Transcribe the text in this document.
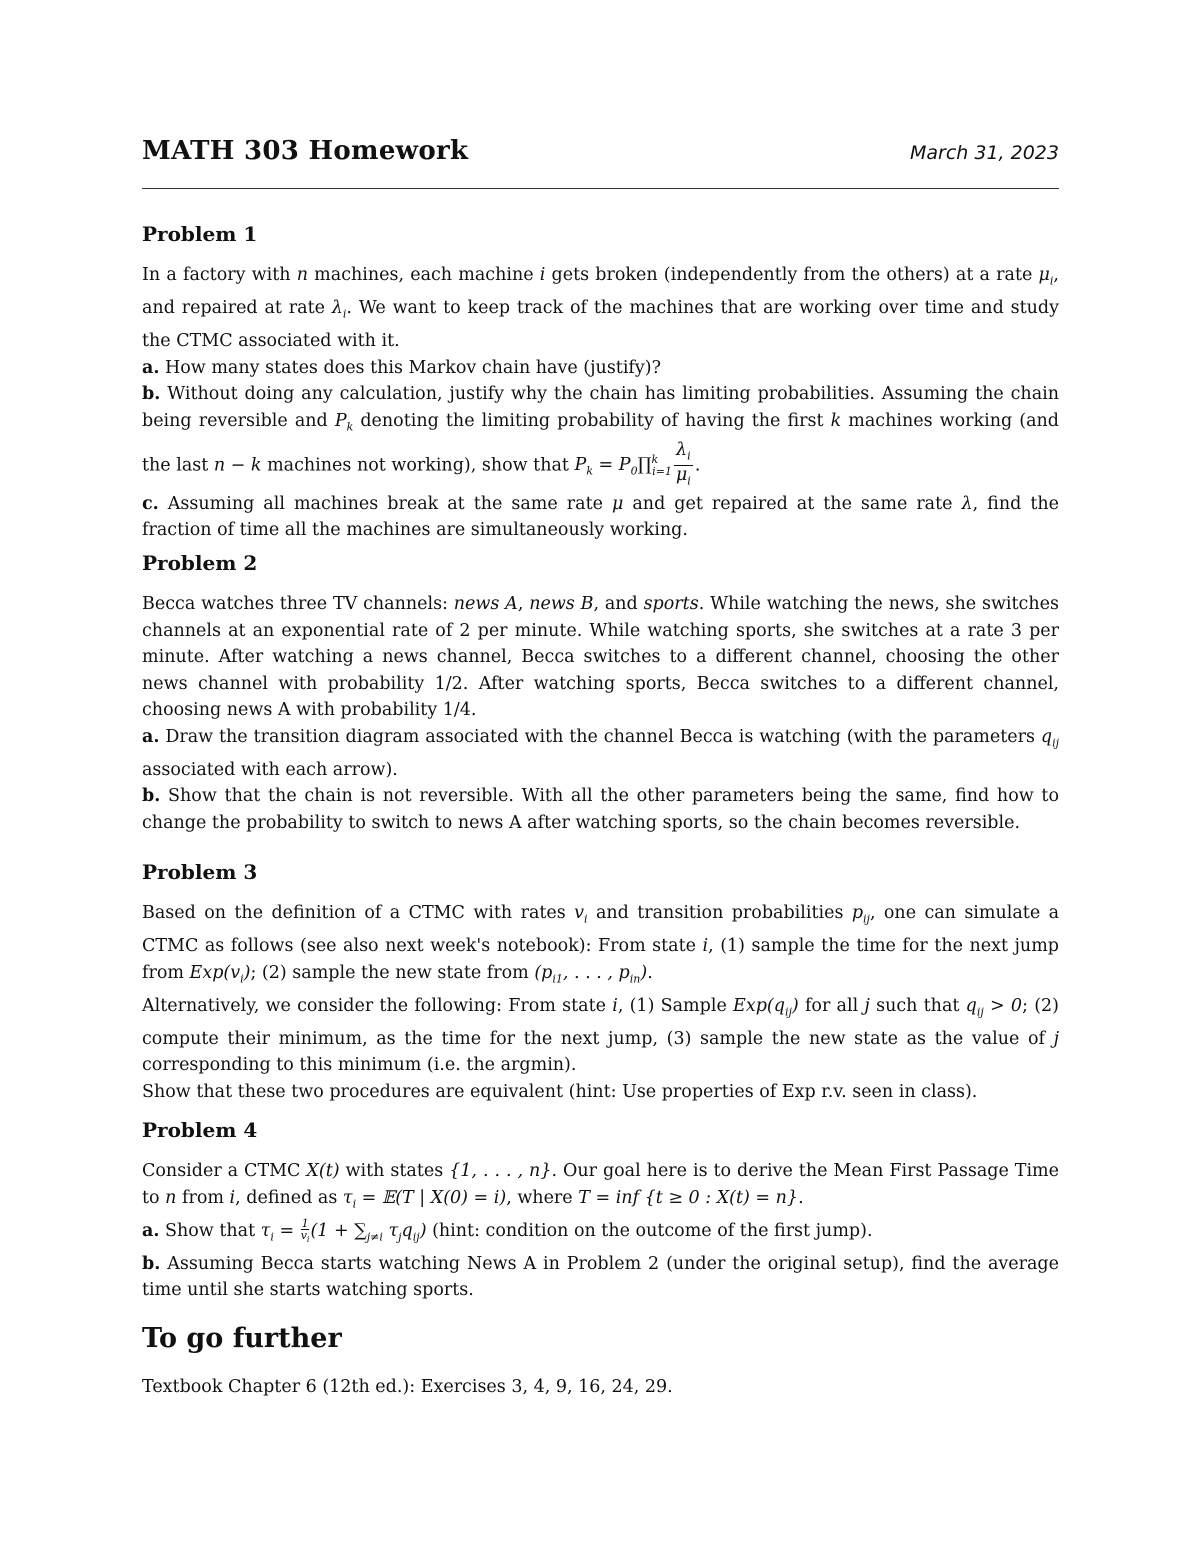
MATH 303 Homework	March 31, 2023
Problem 1

In a factory with n machines, each machine i gets broken (independently from the others) at a rate $\mu_i$, and repaired at rate $\lambda_i$. We want to keep track of the machines that are working over time and study the CTMC associated with it.

a. How many states does this Markov chain have (justify)?

b. Without doing any calculation, justify why the chain has limiting probabilities. Assuming the chain being reversible and $P_k$ denoting the limiting probability of having the first k machines working (and the last n − k machines not working), show that $P_k$ = $P_0\prod^k_{i=1} \frac{\lambda_i}{\mu_i}$ .

c. Assuming all machines break at the same rate μ and get repaired at the same rate λ, find the fraction of time all the machines are simultaneously working.

Problem 2

Becca watches three TV channels: news A, news B, and sports. While watching the news, she switches channels at an exponential rate of 2 per minute. While watching sports, she switches at a rate 3 per minute. After watching a news channel, Becca switches to a different channel, choosing the other news channel with probability 1/2. After watching sports, Becca switches to a different channel, choosing news A with probability 1/4.

a. Draw the transition diagram associated with the channel Becca is watching (with the parameters $q_{ij}$ associated with each arrow).

b. Show that the chain is not reversible. With all the other parameters being the same, find how to change the probability to switch to news A after watching sports, so the chain becomes reversible.

Problem 3

Based on the definition of a CTMC with rates $v_i$ and transition probabilities $p_{ij}$, one can simulate a CTMC as follows (see also next week's notebook): From state i, (1) sample the time for the next jump from $Exp(v_i)$; (2) sample the new state from ($p_{i1}$, . . . , $p_{in}$).

Alternatively, we consider the following: From state i, (1) Sample $Exp(q_{ij})$ for all j such that $q_{ij} > 0$; (2) compute their minimum, as the time for the next jump, (3) sample the new state as the value of j corresponding to this minimum (i.e. the argmin).

Show that these two procedures are equivalent (hint: Use properties of Exp r.v. seen in class).

Problem 4

Consider a CTMC X(t) with states {1, . . . , n}. Our goal here is to derive the Mean First Passage Time to n from i, defined as $\tau_i$ = 𝔼(T | X(0) = i), where T = inf {t ≥ 0 : X(t) = n}.

a. Show that $\tau_i = \frac{1}{v_i} (1 + \sum_{j\ne i}$ $\tau_jq_{ij}$) (hint: condition on the outcome of the first jump).

b. Assuming Becca starts watching News A in Problem 2 (under the original setup), find the average time until she starts watching sports.

To go further
Textbook Chapter 6 (12th ed.): Exercises 3, 4, 9, 16, 24, 29.
